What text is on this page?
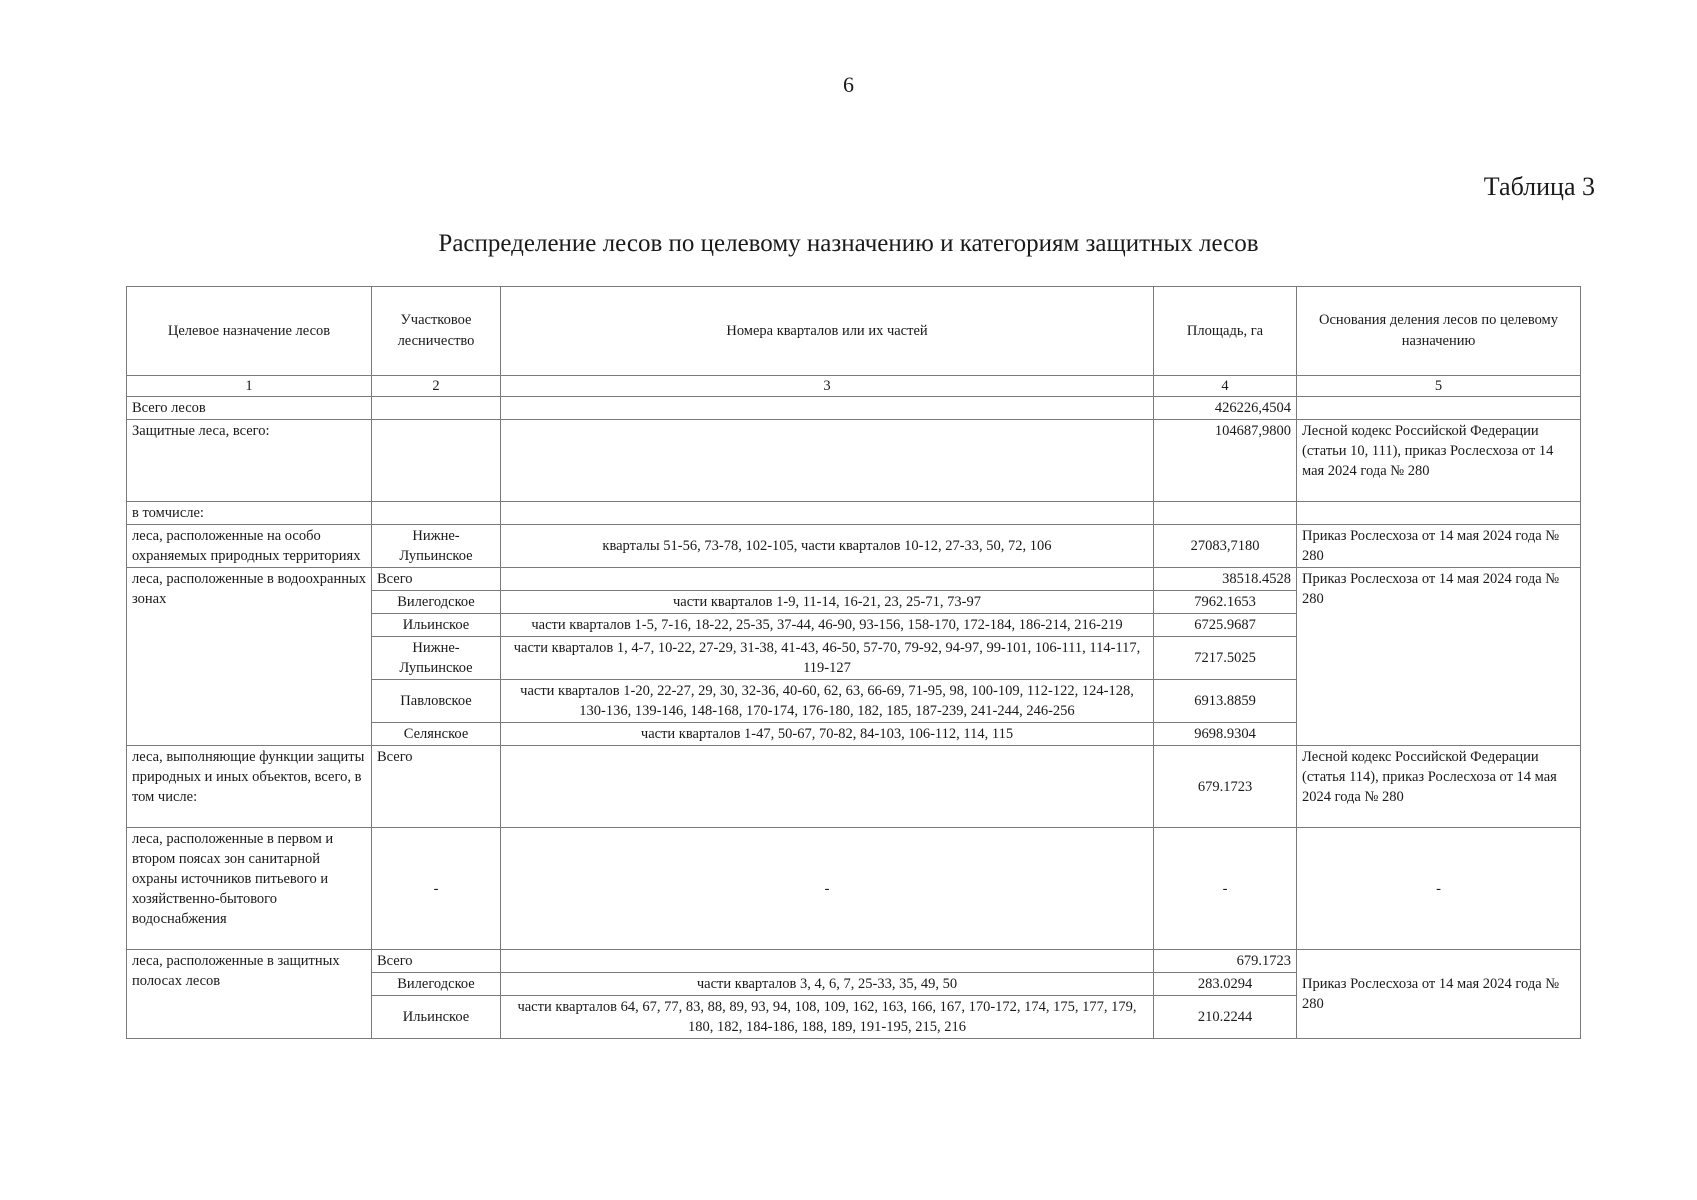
6
Таблица 3
Распределение лесов по целевому назначению и категориям защитных лесов
Целевое назначение лесов	Участковое лесничество	Номера кварталов или их частей	Площадь, га	Основания деления лесов по целевому назначению
1	2	3	4	5
Всего лесов			426226,4504	
Защитные леса, всего:			104687,9800	Лесной кодекс Российской Федерации (статьи 10, 111), приказ Рослесхоза от 14 мая 2024 года № 280
в томчисле:				
леса, расположенные на особо охраняемых природных территориях	Нижне-Лупьинское	кварталы 51-56, 73-78, 102-105, части кварталов 10-12, 27-33, 50, 72, 106	27083,7180	Приказ Рослесхоза от 14 мая 2024 года № 280
леса, расположенные в водоохранных зонах	Всего		38518.4528	Приказ Рослесхоза от 14 мая 2024 года № 280
	Вилегодское	части кварталов 1-9, 11-14, 16-21, 23, 25-71, 73-97	7962.1653	
	Ильинское	части кварталов 1-5, 7-16, 18-22, 25-35, 37-44, 46-90, 93-156, 158-170, 172-184, 186-214, 216-219	6725.9687	
	Нижне-Лупьинское	части кварталов 1, 4-7, 10-22, 27-29, 31-38, 41-43, 46-50, 57-70, 79-92, 94-97, 99-101, 106-111, 114-117, 119-127	7217.5025	
	Павловское	части кварталов 1-20, 22-27, 29, 30, 32-36, 40-60, 62, 63, 66-69, 71-95, 98, 100-109, 112-122, 124-128, 130-136, 139-146, 148-168, 170-174, 176-180, 182, 185, 187-239, 241-244, 246-256	6913.8859	
	Селянское	части кварталов 1-47, 50-67, 70-82, 84-103, 106-112, 114, 115	9698.9304	
леса, выполняющие функции защиты природных и иных объектов, всего, в том числе:	Всего		679.1723	Лесной кодекс Российской Федерации (статья 114), приказ Рослесхоза от 14 мая 2024 года № 280
леса, расположенные в первом и втором поясах зон санитарной охраны источников питьевого и хозяйственно-бытового водоснабжения	-	-	-	-
леса, расположенные в защитных полосах лесов	Всего		679.1723	
	Вилегодское	части кварталов 3, 4, 6, 7, 25-33, 35, 49, 50	283.0294	Приказ Рослесхоза от 14 мая 2024 года № 280
	Ильинское	части кварталов 64, 67, 77, 83, 88, 89, 93, 94, 108, 109, 162, 163, 166, 167, 170-172, 174, 175, 177, 179, 180, 182, 184-186, 188, 189, 191-195, 215, 216	210.2244	
